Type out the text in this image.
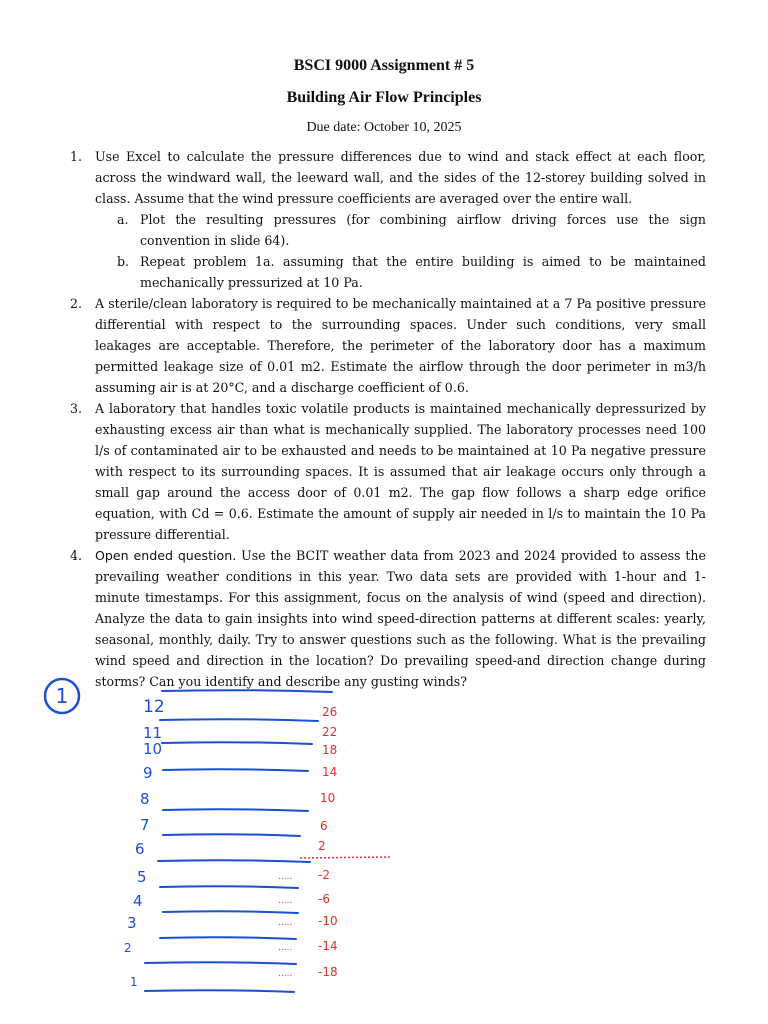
BSCI 9000 Assignment # 5
Building Air Flow Principles
Due date: October 10, 2025
1. Use Excel to calculate the pressure differences due to wind and stack effect at each floor, across the windward wall, the leeward wall, and the sides of the 12-storey building solved in class. Assume that the wind pressure coefficients are averaged over the entire wall.
a. Plot the resulting pressures (for combining airflow driving forces use the sign convention in slide 64).
b. Repeat problem 1a. assuming that the entire building is aimed to be maintained mechanically pressurized at 10 Pa.
2. A sterile/clean laboratory is required to be mechanically maintained at a 7 Pa positive pressure differential with respect to the surrounding spaces. Under such conditions, very small leakages are acceptable. Therefore, the perimeter of the laboratory door has a maximum permitted leakage size of 0.01 m2. Estimate the airflow through the door perimeter in m3/h assuming air is at 20°C, and a discharge coefficient of 0.6.
3. A laboratory that handles toxic volatile products is maintained mechanically depressurized by exhausting excess air than what is mechanically supplied. The laboratory processes need 100 l/s of contaminated air to be exhausted and needs to be maintained at 10 Pa negative pressure with respect to its surrounding spaces. It is assumed that air leakage occurs only through a small gap around the access door of 0.01 m2. The gap flow follows a sharp edge orifice equation, with Cd = 0.6. Estimate the amount of supply air needed in l/s to maintain the 10 Pa pressure differential.
4. Open ended question. Use the BCIT weather data from 2023 and 2024 provided to assess the prevailing weather conditions in this year. Two data sets are provided with 1-hour and 1-minute timestamps. For this assignment, focus on the analysis of wind (speed and direction). Analyze the data to gain insights into wind speed-direction patterns at different scales: yearly, seasonal, monthly, daily. Try to answer questions such as the following. What is the prevailing wind speed and direction in the location? Do prevailing speed-and direction change during storms? Can you identify and describe any gusting winds?
1	12
11
10
9
8
7
6
5
4
3
2
1
26
22
18
14
10
6
2
..... -2
..... -6
..... -10
..... -14
..... -18
